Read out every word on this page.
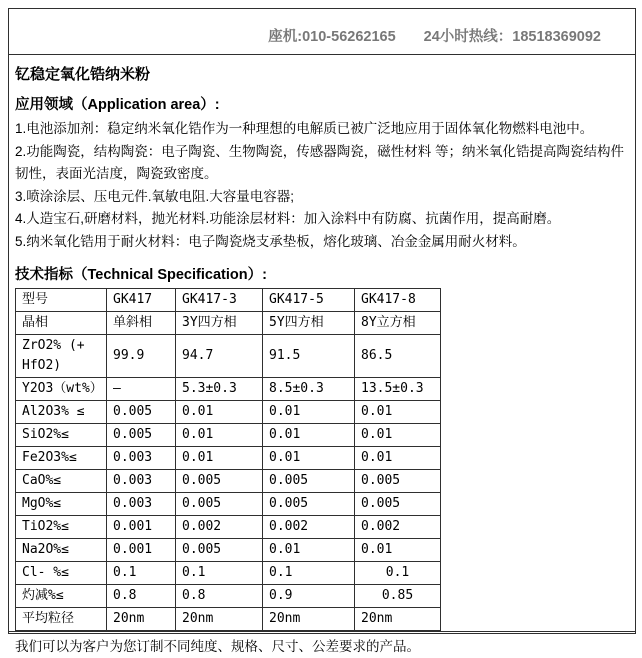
座机:010-56262165 24小时热线：18518369092
钇稳定氧化锆纳米粉
应用领域（Application area）:
1.电池添加剂：稳定纳米氧化锆作为一种理想的电解质已被广泛地应用于固体氧化物燃料电池中。
2.功能陶瓷，结构陶瓷：电子陶瓷、生物陶瓷，传感器陶瓷，磁性材料 等；纳米氧化锆提高陶瓷结构件韧性，表面光洁度，陶瓷致密度。
3.喷涂涂层、压电元件.氧敏电阻.大容量电容器;
4.人造宝石,研磨材料，抛光材料.功能涂层材料：加入涂料中有防腐、抗菌作用，提高耐磨。
5.纳米氧化锆用于耐火材料：电子陶瓷烧支承垫板，熔化玻璃、冶金金属用耐火材料。
技术指标（Technical Specification）:
型号	GK417	GK417-3	GK417-5	GK417-8
晶相	单斜相	3Y四方相	5Y四方相	8Y立方相
ZrO2% (+ HfO2)	99.9	94.7	91.5	86.5
Y2O3（wt%）	–	5.3±0.3	8.5±0.3	13.5±0.3
Al2O3% ≤	0.005	0.01	0.01	0.01
SiO2%≤	0.005	0.01	0.01	0.01
Fe2O3%≤	0.003	0.01	0.01	0.01
CaO%≤	0.003	0.005	0.005	0.005
MgO%≤	0.003	0.005	0.005	0.005
TiO2%≤	0.001	0.002	0.002	0.002
Na2O%≤	0.001	0.005	0.01	0.01
Cl- %≤	0.1	0.1	0.1	0.1
灼减%≤	0.8	0.8	0.9	0.85
平均粒径	20nm	20nm	20nm	20nm
我们可以为客户为您订制不同纯度、规格、尺寸、公差要求的产品。
